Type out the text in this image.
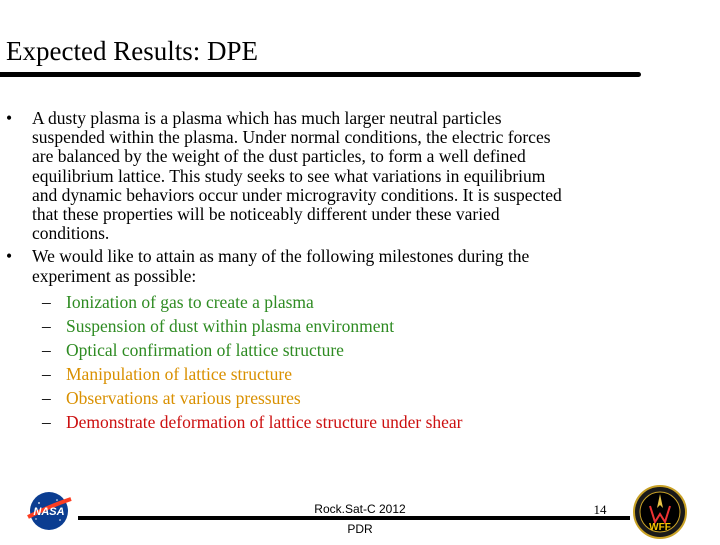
Expected Results: DPE
• A dusty plasma is a plasma which has much larger neutral particles
suspended within the plasma. Under normal conditions, the electric forces
are balanced by the weight of the dust particles, to form a well defined
equilibrium lattice. This study seeks to see what variations in equilibrium
and dynamic behaviors occur under microgravity conditions. It is suspected
that these properties will be noticeably different under these varied
conditions.

• We would like to attain as many of the following milestones during the
experiment as possible:

– Ionization of gas to create a plasma
– Suspension of dust within plasma environment
– Optical confirmation of lattice structure
– Manipulation of lattice structure
– Observations at various pressures
– Demonstrate deformation of lattice structure under shear
NASA	Rock.Sat-C 2012
PDR
14
WFF
